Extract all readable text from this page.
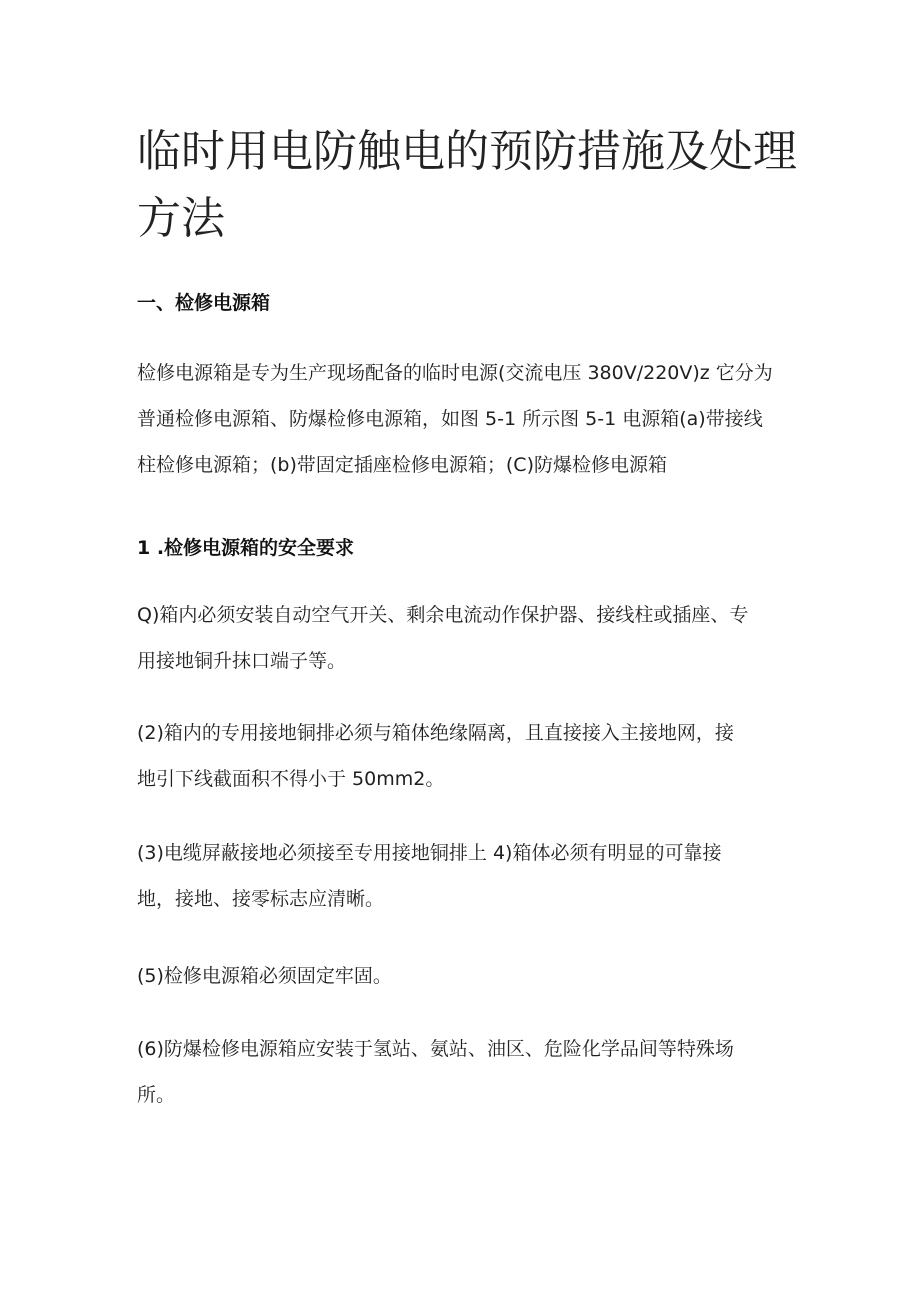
临时用电防触电的预防措施及处理
方法
一、检修电源箱

检修电源箱是专为生产现场配备的临时电源(交流电压 380V/220V)z 它分为
普通检修电源箱、防爆检修电源箱，如图 5-1 所示图 5-1 电源箱(a)带接线
柱检修电源箱；(b)带固定插座检修电源箱；(C)防爆检修电源箱

1 .检修电源箱的安全要求

Q)箱内必须安装自动空气开关、剩余电流动作保护器、接线柱或插座、专
用接地铜升抹口端子等。

(2)箱内的专用接地铜排必须与箱体绝缘隔离，且直接接入主接地网，接
地引下线截面积不得小于 50mm2。

(3)电缆屏蔽接地必须接至专用接地铜排上 4)箱体必须有明显的可靠接
地，接地、接零标志应清晰。

(5)检修电源箱必须固定牢固。

(6)防爆检修电源箱应安装于氢站、氨站、油区、危险化学品间等特殊场
所。
